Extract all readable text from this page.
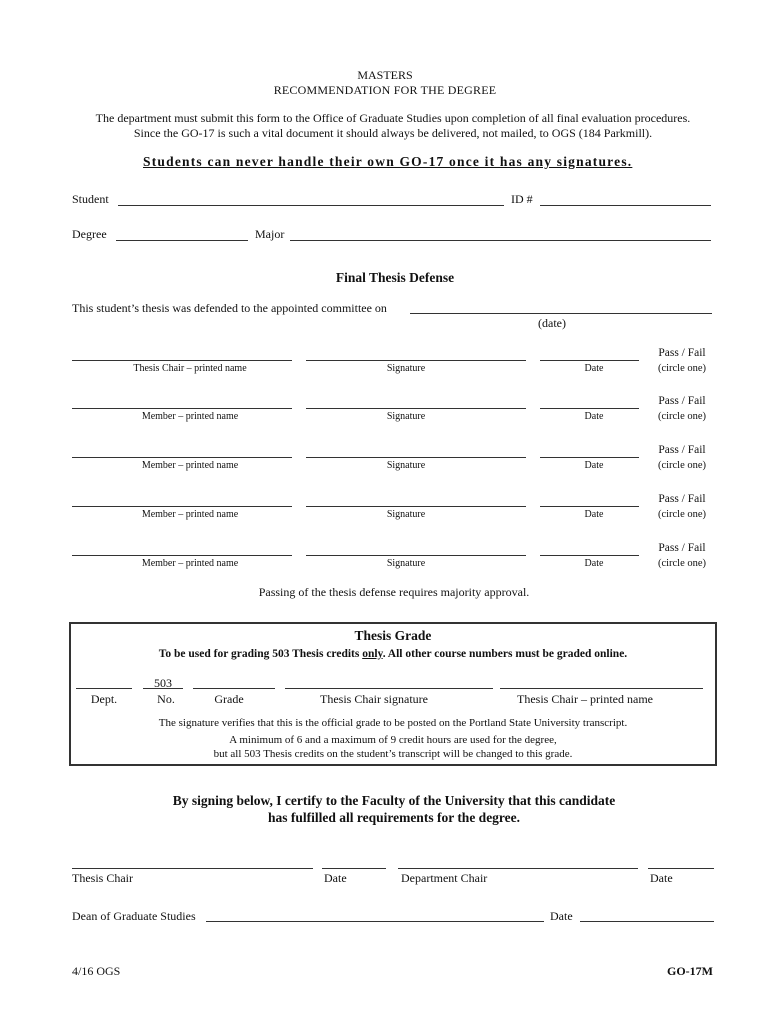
MASTERS
RECOMMENDATION FOR THE DEGREE
The department must submit this form to the Office of Graduate Studies upon completion of all final evaluation procedures.
Since the GO-17 is such a vital document it should always be delivered, not mailed, to OGS (184 Parkmill).
Students can never handle their own GO-17 once it has any signatures.
Student	ID #
Degree	Major
Final Thesis Defense
This student’s thesis was defended to the appointed committee on
(date)
Thesis Chair – printed name	Signature	Date
Pass / Fail
(circle one)
Member – printed name	Signature	Date
Pass / Fail
(circle one)
Member – printed name	Signature	Date
Pass / Fail
(circle one)
Member – printed name	Signature	Date
Pass / Fail
(circle one)
Member – printed name	Signature	Date
Pass / Fail
(circle one)
Passing of the thesis defense requires majority approval.
Thesis Grade
To be used for grading 503 Thesis credits only. All other course numbers must be graded online.
503
Dept.	No.	Grade	Thesis Chair signature	Thesis Chair – printed name
The signature verifies that this is the official grade to be posted on the Portland State University transcript.
A minimum of 6 and a maximum of 9 credit hours are used for the degree,
but all 503 Thesis credits on the student’s transcript will be changed to this grade.
By signing below, I certify to the Faculty of the University that this candidate
has fulfilled all requirements for the degree.
Thesis Chair	Date	Department Chair	Date
Dean of Graduate Studies	Date
4/16 OGS	GO-17M
